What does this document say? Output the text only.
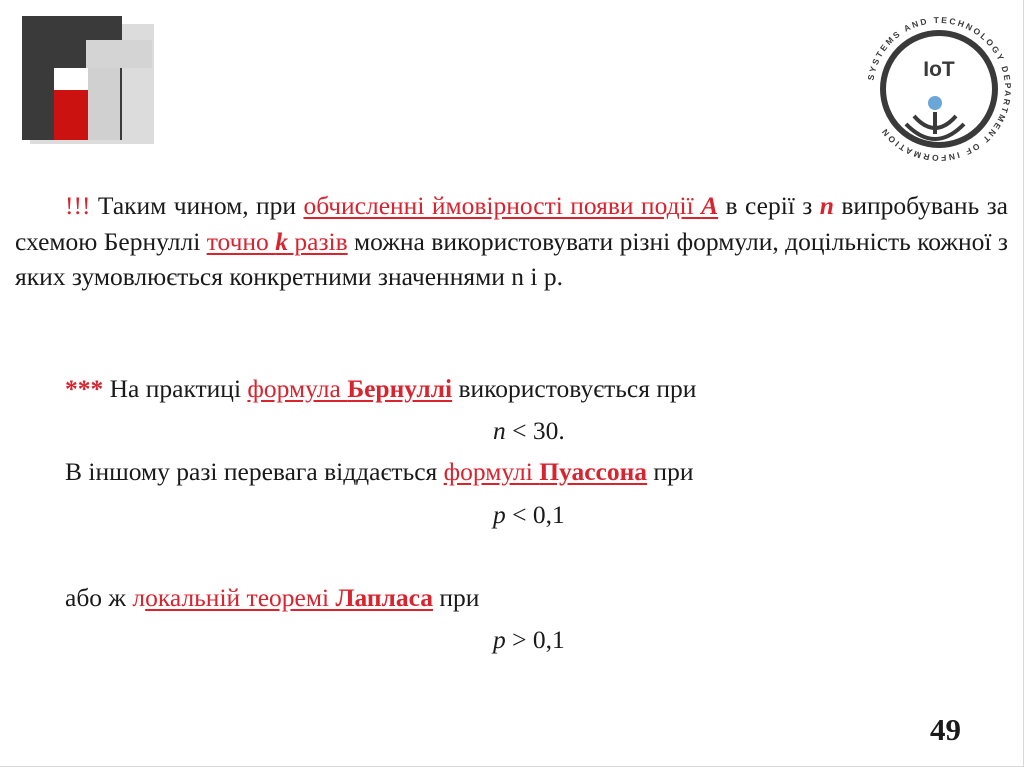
SYSTEMS AND TECHNOLOGY DEPARTMENT OF INFORMATION
IoT
!!! Таким чином, при обчисленні ймовірності появи події A в серії з n випробувань за схемою Бернуллі точно k разів можна використовувати різні формули, доцільність кожної з яких зумовлюється конкретними значеннями n і p.
*** На практиці формула Бернуллі використовується при
n < 30.
В іншому разі перевага віддається формулі Пуассона при
p < 0,1
або ж локальній теоремі Лапласа при
p > 0,1
49
